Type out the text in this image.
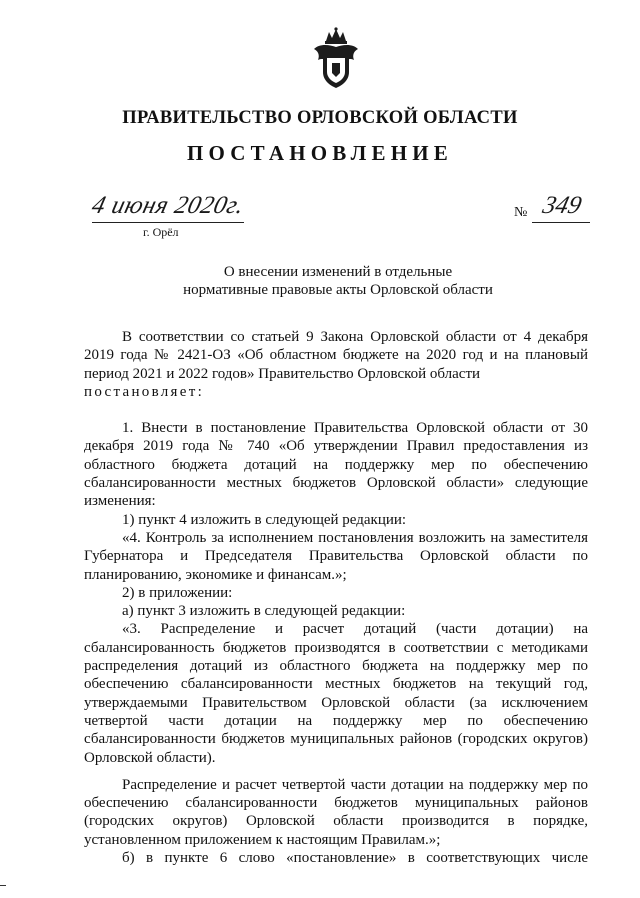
ПРАВИТЕЛЬСТВО ОРЛОВСКОЙ ОБЛАСТИ
ПОСТАНОВЛЕНИЕ
4 июня 2020г.	№ 349
г. Орёл
О внесении изменений в отдельные
нормативные правовые акты Орловской области

В соответствии со статьей 9 Закона Орловской области от 4 декабря 2019 года № 2421-ОЗ «Об областном бюджете на 2020 год и на плановый период 2021 и 2022 годов» Правительство Орловской области

постановляет:

1. Внести в постановление Правительства Орловской области от 30 декабря 2019 года № 740 «Об утверждении Правил предоставления из областного бюджета дотаций на поддержку мер по обеспечению сбалансированности местных бюджетов Орловской области» следующие изменения:

1) пункт 4 изложить в следующей редакции:

«4. Контроль за исполнением постановления возложить на заместителя Губернатора и Председателя Правительства Орловской области по планированию, экономике и финансам.»;

2) в приложении:

а) пункт 3 изложить в следующей редакции:

«3. Распределение и расчет дотаций (части дотации) на сбалансированность бюджетов производятся в соответствии с методиками распределения дотаций из областного бюджета на поддержку мер по обеспечению сбалансированности местных бюджетов на текущий год, утверждаемыми Правительством Орловской области (за исключением четвертой части дотации на поддержку мер по обеспечению сбалансированности бюджетов муниципальных районов (городских округов) Орловской области).

Распределение и расчет четвертой части дотации на поддержку мер по обеспечению сбалансированности бюджетов муниципальных районов (городских округов) Орловской области производится в порядке, установленном приложением к настоящим Правилам.»;

б) в пункте 6 слово «постановление» в соответствующих числе
